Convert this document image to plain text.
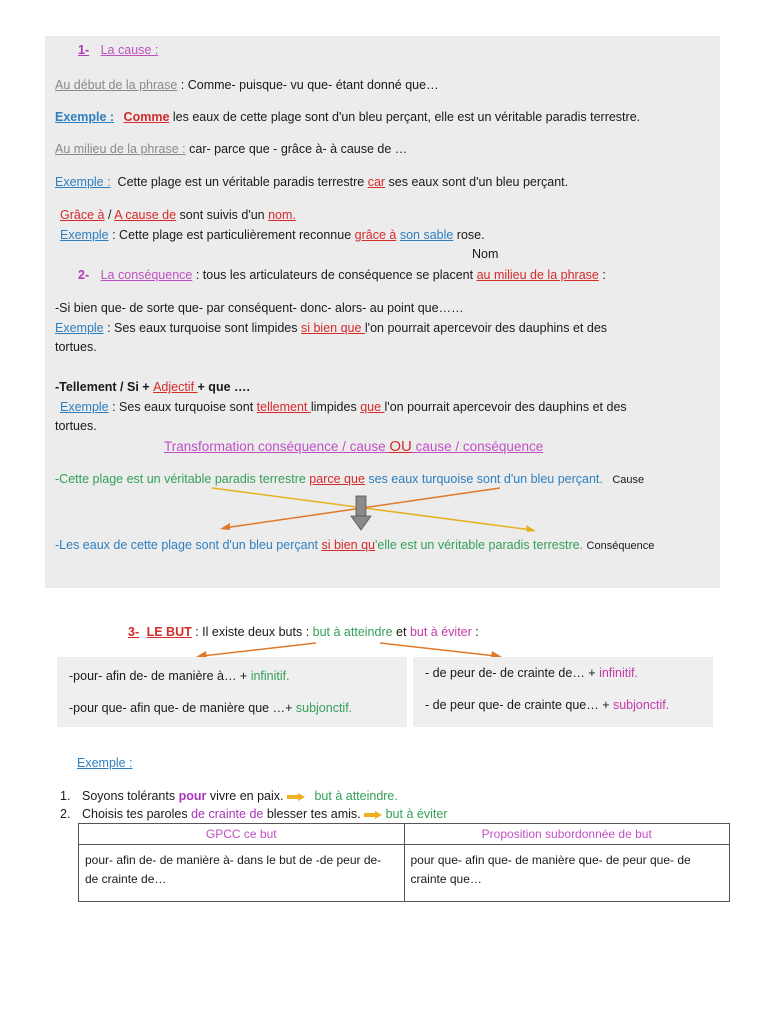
1- La cause :
Au début de la phrase : Comme- puisque- vu que- étant donné que…
Exemple : Comme les eaux de cette plage sont d'un bleu perçant, elle est un véritable paradis terrestre.
Au milieu de la phrase : car- parce que - grâce à- à cause de …
Exemple :  Cette plage est un véritable paradis terrestre car ses eaux sont d'un bleu perçant.
Grâce à / A cause de sont suivis d'un nom.
Exemple : Cette plage est particulièrement reconnue grâce à son sable rose.
Nom
2- La conséquence : tous les articulateurs de conséquence se placent au milieu de la phrase :
-Si bien que- de sorte que- par conséquent- donc- alors- au point que……
Exemple : Ses eaux turquoise sont limpides si bien que l'on pourrait apercevoir des dauphins et des
tortues.
-Tellement / Si + Adjectif + que ….
Exemple : Ses eaux turquoise sont tellement limpides que l'on pourrait apercevoir des dauphins et des
tortues.
Transformation conséquence / cause OU cause / conséquence
-Cette plage est un véritable paradis terrestre parce que ses eaux turquoise sont d'un bleu perçant. Cause
-Les eaux de cette plage sont d'un bleu perçant si bien qu'elle est un véritable paradis terrestre. Conséquence
3- LE BUT : Il existe deux buts : but à atteindre et but à éviter :
-pour- afin de- de manière à… + infinitif.
-pour que- afin que- de manière que …+ subjonctif.
- de peur de- de crainte de… + infinitif.
- de peur que- de crainte que… + subjonctif.
Exemple :
1. Soyons tolérants pour vivre en paix. but à atteindre.
2. Choisis tes paroles de crainte de blesser tes amis. but à éviter
GPCC ce but	Proposition subordonnée de but
pour- afin de- de manière à- dans le but de -de peur de- de crainte de…	pour que- afin que- de manière que- de peur que- de crainte que…
